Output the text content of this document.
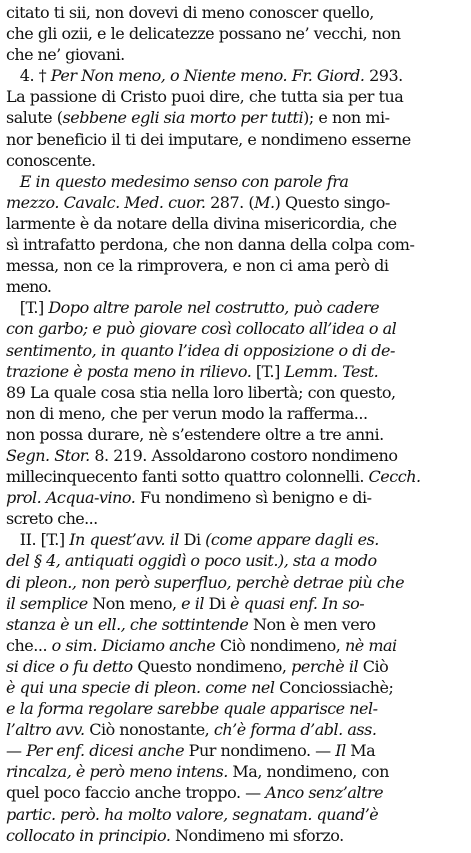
citato ti sii, non dovevi di meno conoscer quello,
che gli ozii, e le delicatezze possano ne’ vecchi, non
che ne’ giovani.
4. † Per Non meno, o Niente meno. Fr. Giord. 293.
La passione di Cristo puoi dire, che tutta sia per tua
salute (sebbene egli sia morto per tutti); e non mi-
nor beneficio il ti dei imputare, e nondimeno esserne
conoscente.
E in questo medesimo senso con parole fra
mezzo. Cavalc. Med. cuor. 287. (M.) Questo singo-
larmente è da notare della divina misericordia, che
sì intrafatto perdona, che non danna della colpa com-
messa, non ce la rimprovera, e non ci ama però di
meno.
[T.] Dopo altre parole nel costrutto, può cadere
con garbo; e può giovare così collocato all’idea o al
sentimento, in quanto l’idea di opposizione o di de-
trazione è posta meno in rilievo. [T.] Lemm. Test.
89 La quale cosa stia nella loro libertà; con questo,
non di meno, che per verun modo la rafferma...
non possa durare, nè s’estendere oltre a tre anni.
Segn. Stor. 8. 219. Assoldarono costoro nondimeno
millecinquecento fanti sotto quattro colonnelli. Cecch.
prol. Acqua-vino. Fu nondimeno sì benigno e di-
screto che...
II. [T.] In quest’avv. il Di (come appare dagli es.
del § 4, antiquati oggidì o poco usit.), sta a modo
di pleon., non però superfluo, perchè detrae più che
il semplice Non meno, e il Di è quasi enf. In so-
stanza è un ell., che sottintende Non è men vero
che... o sim. Diciamo anche Ciò nondimeno, nè mai
si dice o fu detto Questo nondimeno, perchè il Ciò
è qui una specie di pleon. come nel Conciossiachè;
e la forma regolare sarebbe quale apparisce nel-
l’altro avv. Ciò nonostante, ch’è forma d’abl. ass.
— Per enf. dicesi anche Pur nondimeno. — Il Ma
rincalza, è però meno intens. Ma, nondimeno, con
quel poco faccio anche troppo. — Anco senz’altre
partic. però. ha molto valore, segnatam. quand’è
collocato in principio. Nondimeno mi sforzo.
